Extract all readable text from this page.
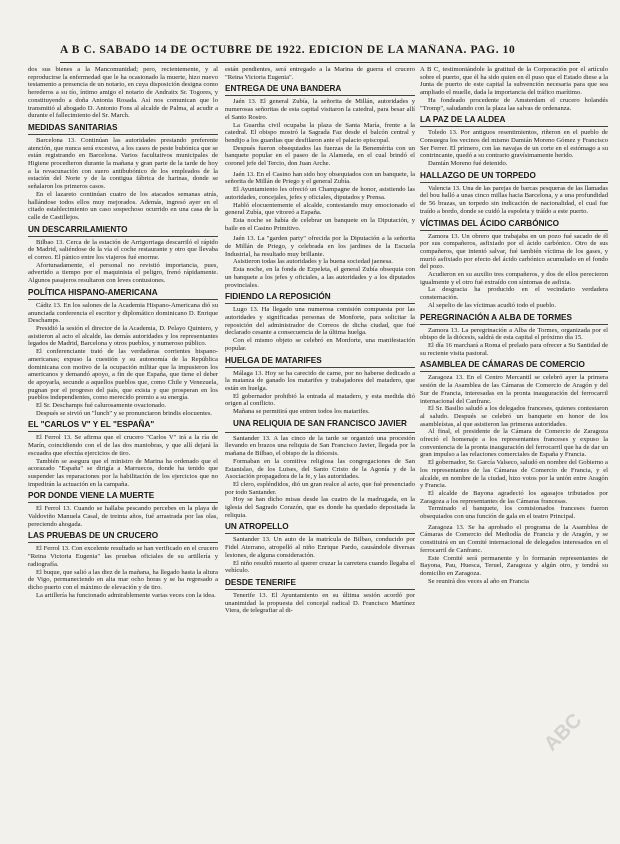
A B C. SABADO 14 DE OCTUBRE DE 1922. EDICION DE LA MAÑANA. PAG. 10
dos sus bienes a la Mancomunidad; pero, recientemente, y al reproducirse la enfermedad que le ha ocasionado la muerte, hizo nuevo testamento a presencia de un notario, en cuya disposición designa como herederos a su tío, íntimo amigo el notario de Andraitx Sr. Togores, y constituyendo a doña Antonia Rosada. Así nos comunican que lo transmitió al abogado D. Antonio Fons al alcalde de Palma, al acudir a durante el fallecimiento del Sr. March.
MEDIDAS SANITARIAS
Barcelona 13. Continúan las autoridades prestando preferente atención, que nunca será excesiva, a los casos de peste bubónica que se están registrando en Barcelona. Varios facultativos municipales de Higiene procedieron durante la mañana y gran parte de la tarde de hoy a la revacunación con suero antibubónico de los empleados de la estación del Norte y de la contigua fábrica de harinas, donde se señalaron los primeros casos.
En el lazareto continúan cuatro de los atacados semanas atrás, hallándose todos ellos muy mejorados. Además, ingresó ayer en el citado establecimiento un caso sospechoso ocurrido en una casa de la calle de Castillejos.
UN DESCARRILAMIENTO
Bilbao 13. Cerca de la estación de Arrigorriaga descarriló el rápido de Madrid, saliéndose de la vía el coche restaurante y otro que llevaba el correo. El pánico entre los viajeros fué enorme.
Afortunadamente, el personal no revistió importancia, pues, advertido a tiempo por el maquinista el peligro, frenó rápidamente. Algunos pasajeros resultaron con leves contusiones.
POLÍTICA HISPANO-AMERICANA
Cádiz 13. En los salones de la Academia Hispano-Americana dió su anunciada conferencia el escritor y diplomático dominicano D. Enrique Deschamps.
Presidió la sesión el director de la Academia, D. Pelayo Quintero, y asistieron al acto el alcalde, las demás autoridades y los representantes legados de Madrid, Barcelona y otros pueblos, y numeroso público.
El conferenciante trató de las verdaderas corrientes hispano-americanas; expuso la cuestión y su autonomía de la República dominicana con motivo de la ocupación militar que la impusieron los americanos y demandó apoyo, a fin de que España, que tiene el deber de apoyarla, secunde a aquellos pueblos que, como Chile y Venezuela, pugnan por el progreso del país, que exista y que prosperan en los pueblos independientes, como merecido premio a su energía.
El Sr. Deschamps fué calurosamente ovacionado.
Después se sirvió un "lunch" y se pronunciaron brindis elocuentes.
EL "CARLOS V" Y EL "ESPAÑA"
El Ferrol 13. Se afirma que el crucero "Carlos V" irá a la ría de Marín, coincidiendo con el de las dos maniobras, y que allí dejará la escuadra que efectúa ejercicios de tiro.
También se asegura que el ministro de Marina ha ordenado que el acorazado "España" se dirigía a Marruecos, donde ha tenido que suspender las reparaciones por la habilitación de los ejercicios que no impedirán la actuación en la campaña.
POR DONDE VIENE LA MUERTE
El Ferrol 13. Cuando se hallaba pescando percebes en la playa de Valdoviño Manuela Casal, de treinta años, fué arrastrada por las olas, pereciendo ahogada.
LAS PRUEBAS DE UN CRUCERO
El Ferrol 13. Con excelente resultado se han verificado en el crucero "Reina Victoria Eugenia" las pruebas oficiales de su artillería y radiografía.
El buque, que salió a las diez de la mañana, ha llegado hasta la altura de Vigo, permaneciendo en alta mar ocho horas y se ha regresado a dicho puerto con el máximo de elevación y de tiro.
La artillería ha funcionado admirablemente varias veces con la idea.
están pendientes, será entregado a la Marina de guerra el crucero "Reina Victoria Eugenia".
ENTREGA DE UNA BANDERA
Jaén 13. El general Zubía, la señorita de Millán, autoridades y numerosas señoritas de esta capital visitaron la catedral, para besar allí el Santo Rostro.
La Guardia civil ocupaba la plaza de Santa María, frente a la catedral. El obispo mostró la Sagrada Faz desde el balcón central y bendijo a los guardias que desfilaron ante el palacio episcopal.
Después fueron obsequiados las fuerzas de la Benemérita con un banquete popular en el paseo de la Alameda, en el cual brindó el coronel jefe del Tercio, don Juan Arche.
Jaén 13. En el Casino han sido hoy obsequiados con un banquete, la señorita de Millán de Priego y el general Zubía.
El Ayuntamiento les ofreció un Champagne de honor, asistiendo las autoridades, concejales, jefes y oficiales, diputados y Prensa.
Habló elocuentemente el alcalde, contestando muy emocionado el general Zubía, que vitoreó a España.
Esta noche se había de celebrar un banquete en la Diputación, y baile en el Casino Primitivo.
Jaén 13. La "garden party" ofrecida por la Diputación a la señorita de Millán de Priego, y celebrada en los jardines de la Escuela Industrial, ha resultado muy brillante.
Asistieron todas las autoridades y la buena sociedad jaenesa.
Esta noche, en la fonda de Ezpeleta, el general Zubía obsequia con un banquete a los jefes y oficiales, a las autoridades y a los diputados provinciales.
FIDIENDO LA REPOSICIÓN
Lugo 13. Ha llegado una numerosa comisión compuesta por las autoridades y significadas personas de Monforte, para solicitar la reposición del administrador de Correos de dicha ciudad, que fué declarado cesante a consecuencia de la última huelga.
Con el mismo objeto se celebró en Monforte, una manifestación popular.
HUELGA DE MATARIFES
Málaga 13. Hoy se ha carecido de carne, por no haberse dedicado a la matanza de ganado los matarifes y trabajadores del matadero, que están en huelga.
El gobernador prohibió la entrada al matadero, y esta medida dió origen al conflicto.
Mañana se permitirá que entren todos los matarifes.
UNA RELIQUIA DE SAN FRANCISCO JAVIER
Santander 13. A las cinco de la tarde se organizó una procesión llevando en brazos una reliquia de San Francisco Javier, llegada por la mañana de Bilbao, el obispo de la diócesis.
Formaban en la comitiva religiosa las congregaciones de San Estanislao, de los Luises, del Santo Cristo de la Agonía y de la Asociación propagadora de la fe, y las autoridades.
El clero, espléndidos, dió un gran realce al acto, que fué presenciado por todo Santander.
Hoy se han dicho misas desde las cuatro de la madrugada, en la iglesia del Sagrado Corazón, que es donde ha quedado depositada la reliquia.
UN ATROPELLO
Santander 13. Un auto de la matrícula de Bilbao, conducido por Fidel Aterrano, atropelló al niño Enrique Pardo, causándole diversas lesiones, de alguna consideración.
El niño resultó muerto al querer cruzar la carretera cuando llegaba el vehículo.
DESDE TENERIFE
Tenerife 13. El Ayuntamiento en su última sesión acordó por unanimidad la propuesta del concejal radical D. Francisco Martínez Viera, de telegrafiar al di-
A B C, testimoniándole la gratitud de la Corporación por el artículo sobre el puerto, que él ha sido quien en él puso que el Estado diese a la Junta de puerto de este capital la subvención necesaria para que sea ampliado el muelle, dada la importancia del tráfico marítimo.
Ha fondeado procedente de Amsterdam el crucero holandés "Tromp", saludando con la plaza las salvas de ordenanza.
LA PAZ DE LA ALDEA
Toledo 13. Por antiguos resentimientos, riñeron en el pueblo de Consuegra los vecinos del mismo Damián Moreno Gómez y Francisco Ser Ferrer. El primero, con las navajas de un corte en el estómago a su contrincante, quedó a su contrario gravísimamente herido.
Damián Moreno fué detenido.
HALLAZGO DE UN TORPEDO
Valencia 13. Una de las parejas de barcas pesqueras de las llamadas del bou halló a unas cinco millas hacia Barcelona, y a una profundidad de 56 brazas, un torpedo sin indicación de nacionalidad, el cual fue traído a bordo, donde se cuidó la espoleta y tráído a este puerto.
VÍCTIMAS DEL ÁCIDO CARBÓNICO
Zamora 13. Un obrero que trabajaba en un pozo fué sacado de él por sus compañeros, asfixiado por el ácido carbónico. Otro de sus compañeros, que intentó salvar, fué también víctima de los gases, y murió asfixiado por efecto del ácido carbónico acumulado en el fondo del pozo.
Acudieron en su auxilio tres compañeros, y dos de ellos perecieron igualmente y el otro fué extraído con síntomas de asfixia.
La desgracia ha producido en el vecindario verdadera consternación.
Al sepelio de las víctimas acudió todo el pueblo.
PEREGRINACIÓN A ALBA DE TORMES
Zamora 13. La peregrinación a Alba de Tormes, organizada por el obispo de la diócesis, saldrá de esta capital el próximo día 15.
El día 16 marchará a Roma el prelado para ofrecer a Su Santidad de su reciente visita pastoral.
ASAMBLEA DE CÁMARAS DE COMERCIO
Zaragoza 13. En el Centro Mercantil se celebró ayer la primera sesión de la Asamblea de las Cámaras de Comercio de Aragón y del Sur de Francia, interesadas en la pronta inauguración del ferrocarril internacional del Canfranc.
El Sr. Basilio saludó a los delegados franceses, quienes contestaron al saludo. Después se celebró un banquete en honor de los asambleístas, al que asistieron las primeras autoridades.
Al final, el presidente de la Cámara de Comercio de Zaragoza ofreció el homenaje a los representantes franceses y expuso la conveniencia de la pronta inauguración del ferrocarril que ha de dar un gran impulso a las relaciones comerciales de España y Francia.
El gobernador, Sr. García Valseco, saludó en nombre del Gobierno a los representantes de las Cámaras de Comercio de Francia, y el alcalde, en nombre de la ciudad, hizo votos por la unión entre Aragón y Francia.
El alcalde de Bayona agradeció los agasajos tributados por Zaragoza a los representantes de las Cámaras francesas.
Terminado el banquete, los comisionados franceses fueron obsequiados con una función de gala en el teatro Principal.
Zaragoza 13. Se ha aprobado el programa de la Asamblea de Cámaras de Comercio del Mediodía de Francia y de Aragón, y se constituirá en un Comité internacional de delegados interesados en el ferrocarril de Canfranc.
Este Comité será permanente y lo formarán representantes de Bayona, Pau, Huesca, Teruel, Zaragoza y algún otro, y tendrá su domicilio en Zaragoza.
Se reunirá dos veces al año en Francia
ABC
